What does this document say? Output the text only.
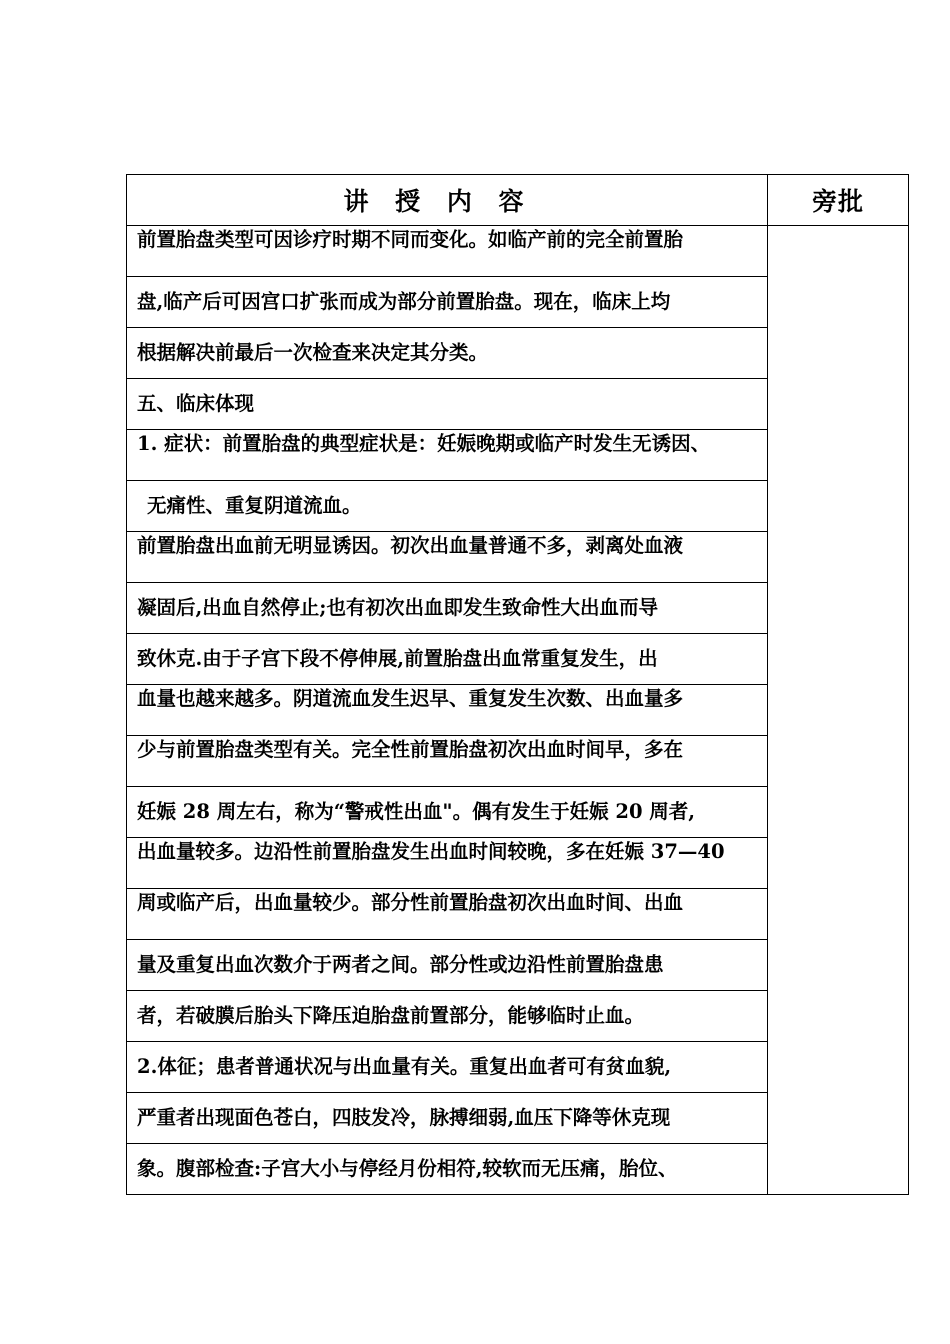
讲 授 内 容	旁批
前置胎盘类型可因诊疗时期不同而变化。如临产前的完全前置胎	
盘,临产后可因宫口扩张而成为部分前置胎盘。现在，临床上均	
根据解决前最后一次检查来决定其分类。	
五、临床体现	
1. 症状：前置胎盘的典型症状是：妊娠晚期或临产时发生无诱因、	
无痛性、重复阴道流血。	
前置胎盘出血前无明显诱因。初次出血量普通不多，剥离处血液	
凝固后,出血自然停止;也有初次出血即发生致命性大出血而导	
致休克.由于子宫下段不停伸展,前置胎盘出血常重复发生，出	
血量也越来越多。阴道流血发生迟早、重复发生次数、出血量多	
少与前置胎盘类型有关。完全性前置胎盘初次出血时间早，多在	
妊娠 28 周左右，称为“警戒性出血"。偶有发生于妊娠 20 周者,	
出血量较多。边沿性前置胎盘发生出血时间较晚，多在妊娠 37—40	
周或临产后，出血量较少。部分性前置胎盘初次出血时间、出血	
量及重复出血次数介于两者之间。部分性或边沿性前置胎盘患	
者，若破膜后胎头下降压迫胎盘前置部分，能够临时止血。	
2.体征；患者普通状况与出血量有关。重复出血者可有贫血貌,	
严重者出现面色苍白，四肢发冷，脉搏细弱,血压下降等休克现	
象。腹部检查:子宫大小与停经月份相符,较软而无压痛，胎位、	
